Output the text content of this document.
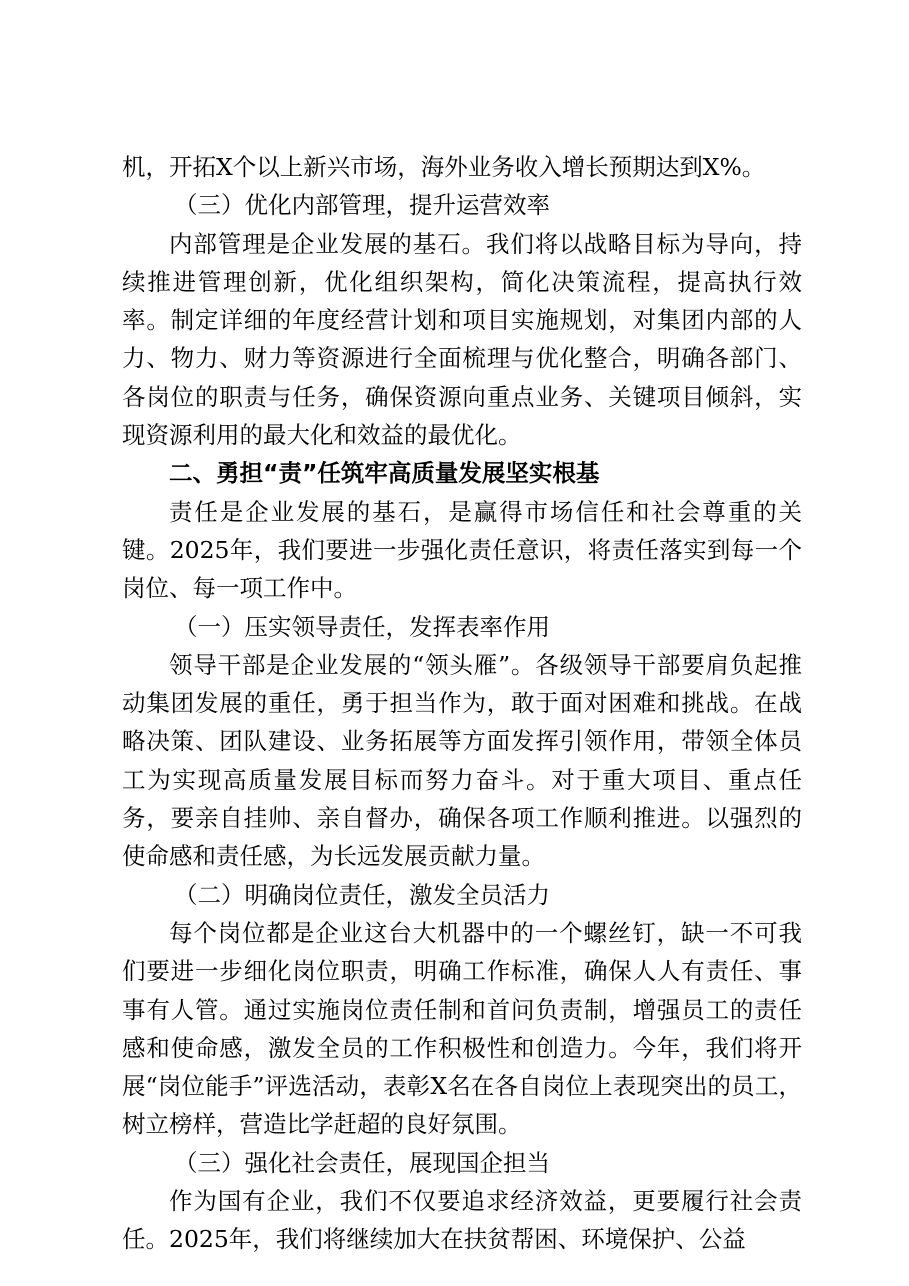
机，开拓X个以上新兴市场，海外业务收入增长预期达到X%。

（三）优化内部管理，提升运营效率

内部管理是企业发展的基石。我们将以战略目标为导向，持续推进管理创新，优化组织架构，简化决策流程，提高执行效率。制定详细的年度经营计划和项目实施规划，对集团内部的人力、物力、财力等资源进行全面梳理与优化整合，明确各部门、各岗位的职责与任务，确保资源向重点业务、关键项目倾斜，实现资源利用的最大化和效益的最优化。

二、勇担“责”任筑牢高质量发展坚实根基

责任是企业发展的基石，是赢得市场信任和社会尊重的关键。2025年，我们要进一步强化责任意识，将责任落实到每一个岗位、每一项工作中。

（一）压实领导责任，发挥表率作用

领导干部是企业发展的“领头雁”。各级领导干部要肩负起推动集团发展的重任，勇于担当作为，敢于面对困难和挑战。在战略决策、团队建设、业务拓展等方面发挥引领作用，带领全体员工为实现高质量发展目标而努力奋斗。对于重大项目、重点任务，要亲自挂帅、亲自督办，确保各项工作顺利推进。以强烈的使命感和责任感，为长远发展贡献力量。

（二）明确岗位责任，激发全员活力

每个岗位都是企业这台大机器中的一个螺丝钉，缺一不可我们要进一步细化岗位职责，明确工作标准，确保人人有责任、事事有人管。通过实施岗位责任制和首问负责制，增强员工的责任感和使命感，激发全员的工作积极性和创造力。今年，我们将开展“岗位能手”评选活动，表彰X名在各自岗位上表现突出的员工，树立榜样，营造比学赶超的良好氛围。

（三）强化社会责任，展现国企担当

作为国有企业，我们不仅要追求经济效益，更要履行社会责任。2025年，我们将继续加大在扶贫帮困、环境保护、公益
